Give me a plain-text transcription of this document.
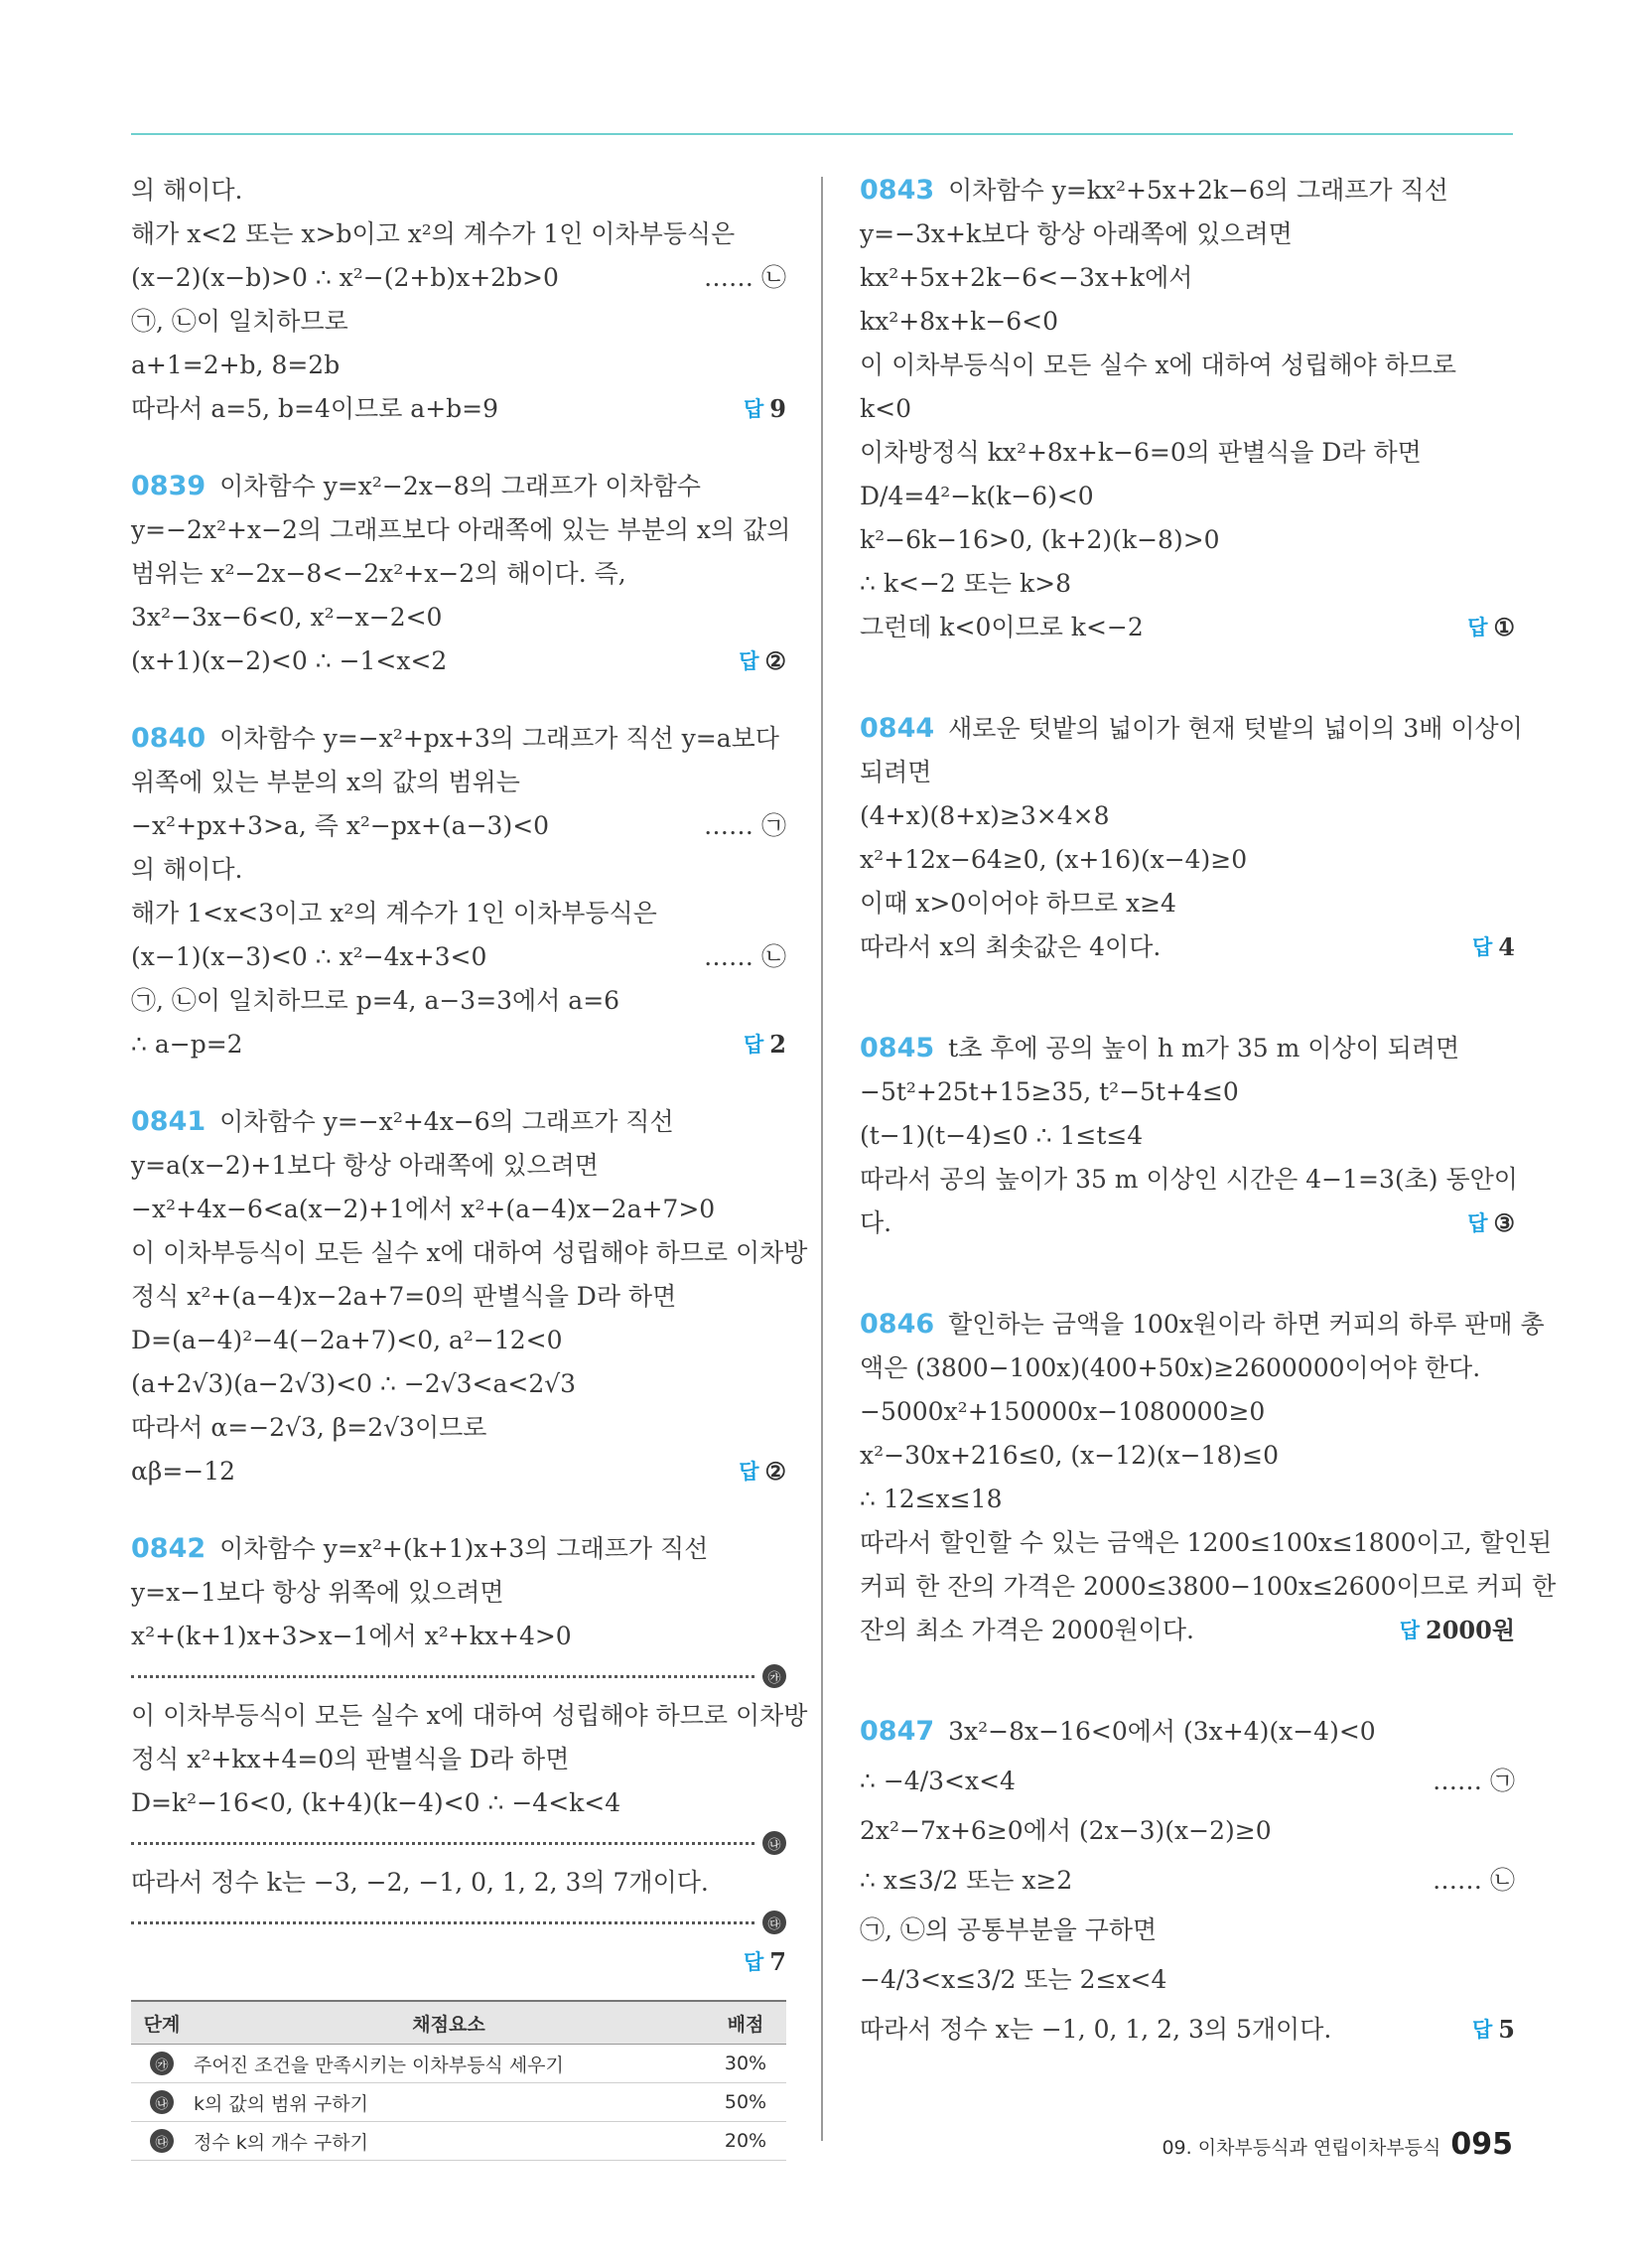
의 해이다.
해가 x<2 또는 x>b이고 x²의 계수가 1인 이차부등식은
(x−2)(x−b)>0 ∴ x²−(2+b)x+2b>0	…… ㉡
㉠, ㉡이 일치하므로
a+1=2+b, 8=2b
따라서 a=5, b=4이므로 a+b=9	답 9
0839 이차함수 y=x²−2x−8의 그래프가 이차함수
y=−2x²+x−2의 그래프보다 아래쪽에 있는 부분의 x의 값의
범위는 x²−2x−8<−2x²+x−2의 해이다. 즉,
3x²−3x−6<0, x²−x−2<0
(x+1)(x−2)<0 ∴ −1<x<2	답 ②
0840 이차함수 y=−x²+px+3의 그래프가 직선 y=a보다
위쪽에 있는 부분의 x의 값의 범위는
−x²+px+3>a, 즉 x²−px+(a−3)<0	…… ㉠
의 해이다.
해가 1<x<3이고 x²의 계수가 1인 이차부등식은
(x−1)(x−3)<0 ∴ x²−4x+3<0	…… ㉡
㉠, ㉡이 일치하므로 p=4, a−3=3에서 a=6
∴ a−p=2	답 2
0841 이차함수 y=−x²+4x−6의 그래프가 직선
y=a(x−2)+1보다 항상 아래쪽에 있으려면
−x²+4x−6<a(x−2)+1에서 x²+(a−4)x−2a+7>0
이 이차부등식이 모든 실수 x에 대하여 성립해야 하므로 이차방
정식 x²+(a−4)x−2a+7=0의 판별식을 D라 하면
D=(a−4)²−4(−2a+7)<0, a²−12<0
(a+2√3)(a−2√3)<0 ∴ −2√3<a<2√3
따라서 α=−2√3, β=2√3이므로
αβ=−12	답 ②
0842 이차함수 y=x²+(k+1)x+3의 그래프가 직선
y=x−1보다 항상 위쪽에 있으려면
x²+(k+1)x+3>x−1에서 x²+kx+4>0
㉮
이 이차부등식이 모든 실수 x에 대하여 성립해야 하므로 이차방
정식 x²+kx+4=0의 판별식을 D라 하면
D=k²−16<0, (k+4)(k−4)<0 ∴ −4<k<4
㉯
따라서 정수 k는 −3, −2, −1, 0, 1, 2, 3의 7개이다.
㉰
답 7
단계	채점요소	배점
㉮	주어진 조건을 만족시키는 이차부등식 세우기	30%
㉯	k의 값의 범위 구하기	50%
㉰	정수 k의 개수 구하기	20%
0843 이차함수 y=kx²+5x+2k−6의 그래프가 직선
y=−3x+k보다 항상 아래쪽에 있으려면
kx²+5x+2k−6<−3x+k에서
kx²+8x+k−6<0
이 이차부등식이 모든 실수 x에 대하여 성립해야 하므로
k<0
이차방정식 kx²+8x+k−6=0의 판별식을 D라 하면
D/4=4²−k(k−6)<0
k²−6k−16>0, (k+2)(k−8)>0
∴ k<−2 또는 k>8
그런데 k<0이므로 k<−2	답 ①
0844 새로운 텃밭의 넓이가 현재 텃밭의 넓이의 3배 이상이
되려면
(4+x)(8+x)≥3×4×8
x²+12x−64≥0, (x+16)(x−4)≥0
이때 x>0이어야 하므로 x≥4
따라서 x의 최솟값은 4이다.	답 4
0845 t초 후에 공의 높이 h m가 35 m 이상이 되려면
−5t²+25t+15≥35, t²−5t+4≤0
(t−1)(t−4)≤0 ∴ 1≤t≤4
따라서 공의 높이가 35 m 이상인 시간은 4−1=3(초) 동안이
다.	답 ③
0846 할인하는 금액을 100x원이라 하면 커피의 하루 판매 총
액은 (3800−100x)(400+50x)≥2600000이어야 한다.
−5000x²+150000x−1080000≥0
x²−30x+216≤0, (x−12)(x−18)≤0
∴ 12≤x≤18
따라서 할인할 수 있는 금액은 1200≤100x≤1800이고, 할인된
커피 한 잔의 가격은 2000≤3800−100x≤2600이므로 커피 한
잔의 최소 가격은 2000원이다.	답 2000원
0847 3x²−8x−16<0에서 (3x+4)(x−4)<0
∴ −4/3<x<4	…… ㉠
2x²−7x+6≥0에서 (2x−3)(x−2)≥0
∴ x≤3/2 또는 x≥2	…… ㉡
㉠, ㉡의 공통부분을 구하면
−4/3<x≤3/2 또는 2≤x<4
따라서 정수 x는 −1, 0, 1, 2, 3의 5개이다.	답 5
09. 이차부등식과 연립이차부등식 095
